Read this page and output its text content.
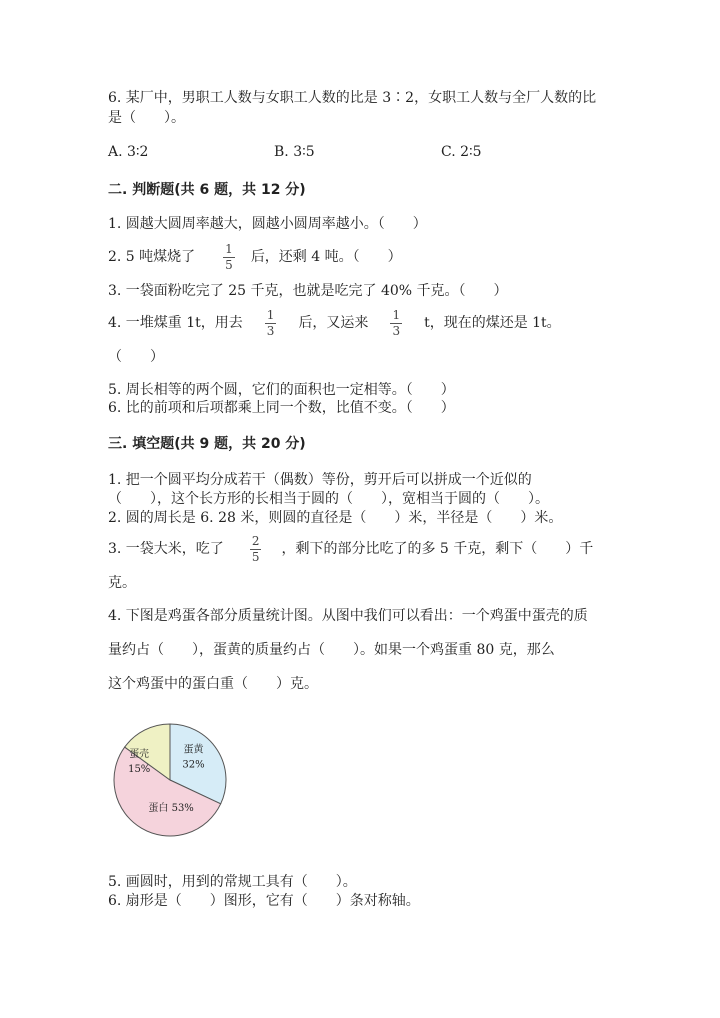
6. 某厂中，男职工人数与女职工人数的比是 3∶2，女职工人数与全厂人数的比
是（　　）。
A. 3∶2	B. 3∶5	C. 2∶5
二. 判断题(共 6 题，共 12 分)
1. 圆越大圆周率越大，圆越小圆周率越小。（　　）
2. 5 吨煤烧了 $\frac{1}{5}$ 后，还剩 4 吨。（　　）
3. 一袋面粉吃完了 25 千克，也就是吃完了 40% 千克。（　　）
4. 一堆煤重 1t，用去 $\frac{1}{3}$ 后，又运来 $\frac{1}{3}$ t，现在的煤还是 1t。
（　　）
5. 周长相等的两个圆，它们的面积也一定相等。（　　）
6. 比的前项和后项都乘上同一个数，比值不变。（　　）
三. 填空题(共 9 题，共 20 分)
1. 把一个圆平均分成若干（偶数）等份，剪开后可以拼成一个近似的
（　　），这个长方形的长相当于圆的（　　），宽相当于圆的（　　）。
2. 圆的周长是 6. 28 米，则圆的直径是（　　）米，半径是（　　）米。
3. 一袋大米，吃了 $\frac{2}{5}$ ，剩下的部分比吃了的多 5 千克，剩下（　　）千
克。
4. 下图是鸡蛋各部分质量统计图。从图中我们可以看出：一个鸡蛋中蛋壳的质
量约占（　　），蛋黄的质量约占（　　）。如果一个鸡蛋重 80 克，那么
这个鸡蛋中的蛋白重（　　）克。
蛋黄
32%
蛋白 53%
蛋壳
15%
5. 画圆时，用到的常规工具有（　　）。
6. 扇形是（　　）图形，它有（　　）条对称轴。
